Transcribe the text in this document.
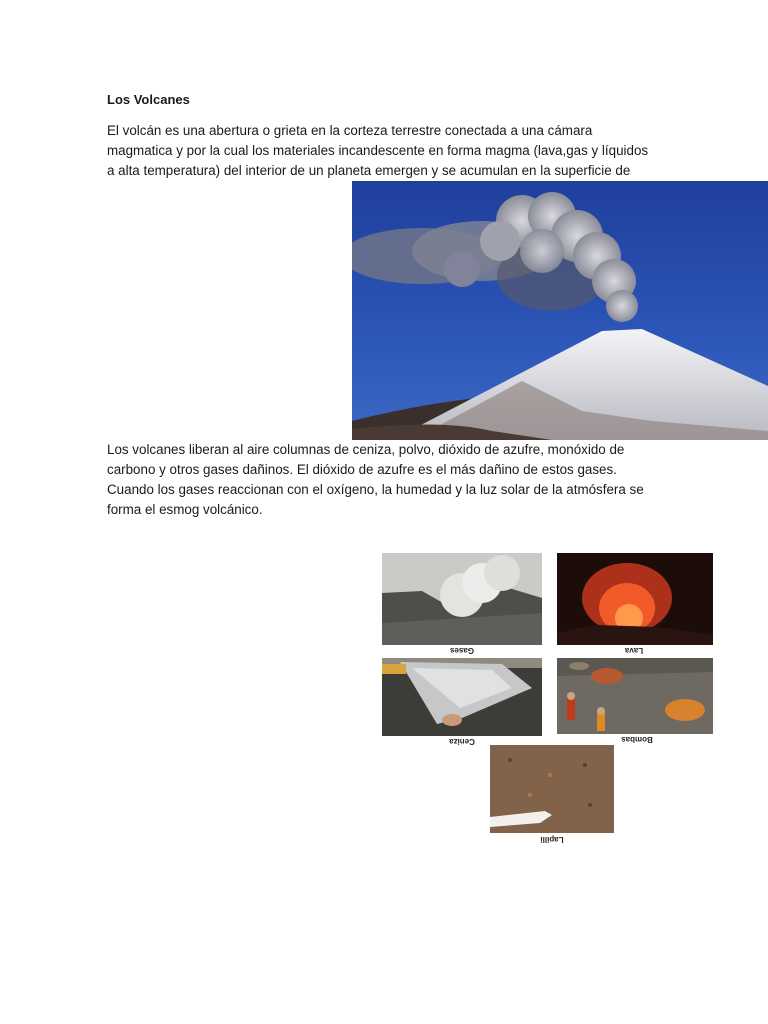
Los Volcanes

El volcán es una abertura o grieta en la corteza terrestre conectada a una cámara
magmatica y por la cual los materiales incandescente en forma magma (lava,gas y líquidos
a alta temperatura) del interior de un planeta emergen y se acumulan en la superficie de

Los volcanes liberan al aire columnas de ceniza, polvo, dióxido de azufre, monóxido de
carbono y otros gases dañinos. El dióxido de azufre es el más dañino de estos gases.
Cuando los gases reaccionan con el oxígeno, la humedad y la luz solar de la atmósfera se
forma el esmog volcánico.

Gases	Lava
Ceniza	Bombas
Lapilli
